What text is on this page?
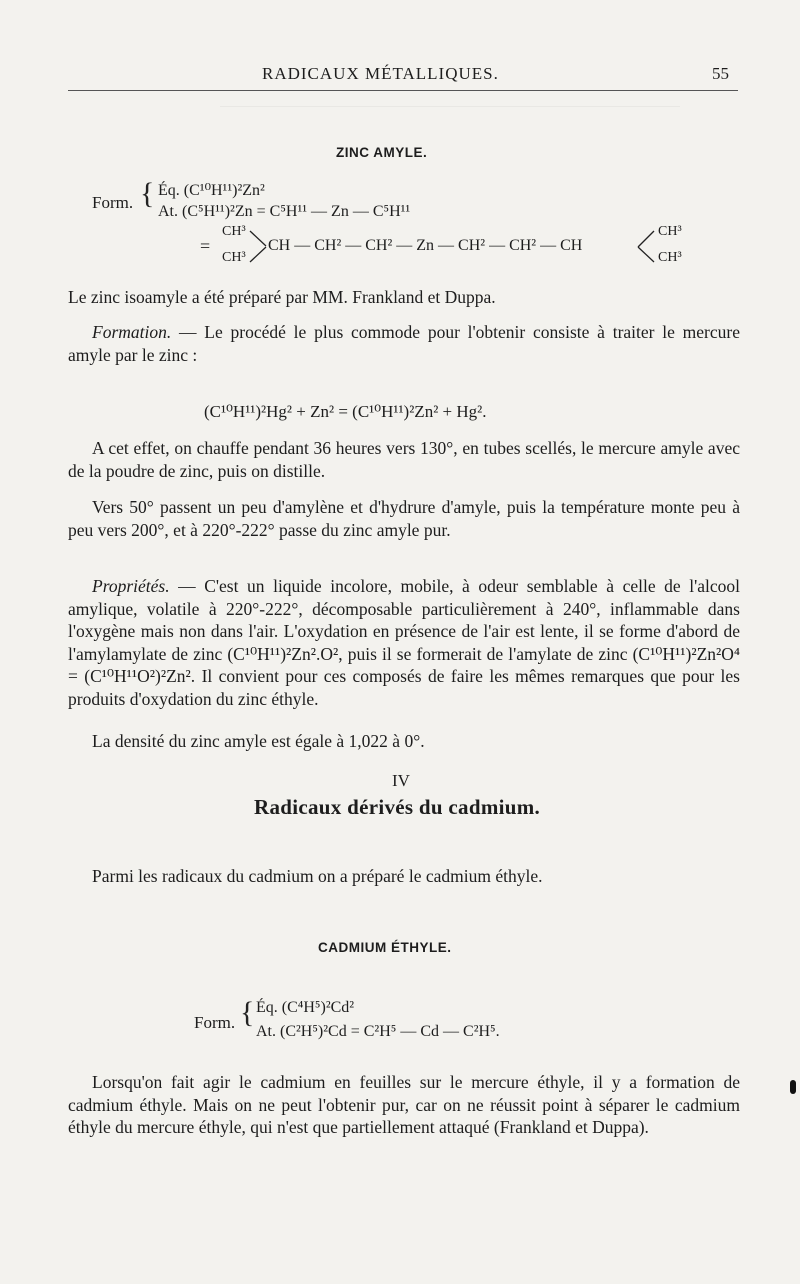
RADICAUX MÉTALLIQUES.	55
ZINC AMYLE.
Form. { Éq. (C¹⁰H¹¹)²Zn²
At. (C⁵H¹¹)²Zn = C⁵H¹¹ — Zn — C⁵H¹¹
=
CH³
CH³
CH — CH² — CH² — Zn — CH² — CH² — CH
CH³
CH³
Le zinc isoamyle a été préparé par MM. Frankland et Duppa.
Formation. — Le procédé le plus commode pour l'obtenir consiste à traiter le mercure amyle par le zinc :
(C¹⁰H¹¹)²Hg² + Zn² = (C¹⁰H¹¹)²Zn² + Hg².
A cet effet, on chauffe pendant 36 heures vers 130°, en tubes scellés, le mercure amyle avec de la poudre de zinc, puis on distille.
Vers 50° passent un peu d'amylène et d'hydrure d'amyle, puis la température monte peu à peu vers 200°, et à 220°-222° passe du zinc amyle pur.
Propriétés. — C'est un liquide incolore, mobile, à odeur semblable à celle de l'alcool amylique, volatile à 220°-222°, décomposable particulièrement à 240°, inflammable dans l'oxygène mais non dans l'air. L'oxydation en présence de l'air est lente, il se forme d'abord de l'amylamylate de zinc (C¹⁰H¹¹)²Zn².O², puis il se formerait de l'amylate de zinc (C¹⁰H¹¹)²Zn²O⁴ = (C¹⁰H¹¹O²)²Zn². Il convient pour ces composés de faire les mêmes remarques que pour les produits d'oxydation du zinc éthyle.
La densité du zinc amyle est égale à 1,022 à 0°.
IV
Radicaux dérivés du cadmium.
Parmi les radicaux du cadmium on a préparé le cadmium éthyle.
CADMIUM ÉTHYLE.
Form. { Éq. (C⁴H⁵)²Cd²
At. (C²H⁵)²Cd = C²H⁵ — Cd — C²H⁵.
Lorsqu'on fait agir le cadmium en feuilles sur le mercure éthyle, il y a formation de cadmium éthyle. Mais on ne peut l'obtenir pur, car on ne réussit point à séparer le cadmium éthyle du mercure éthyle, qui n'est que partiellement attaqué (Frankland et Duppa).
